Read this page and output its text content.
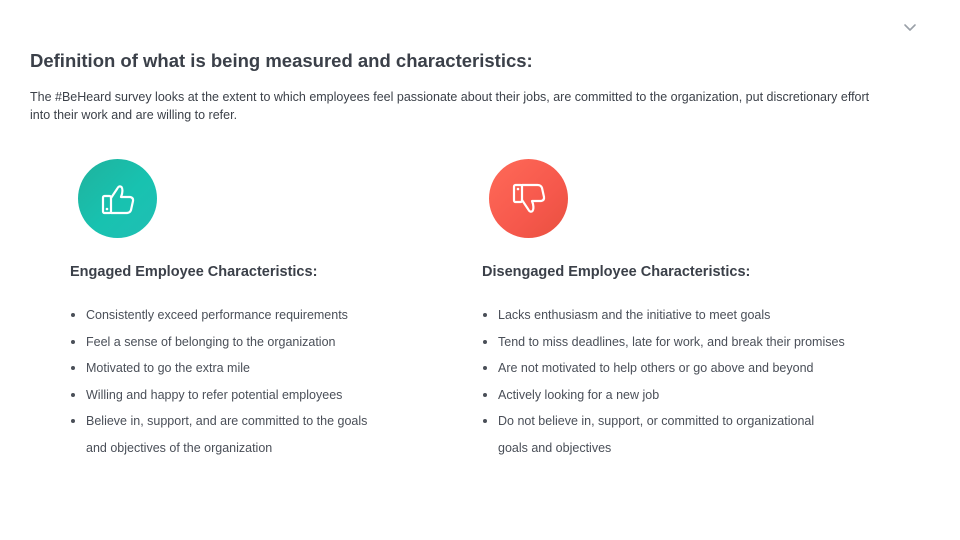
Definition of what is being measured and characteristics:

The #BeHeard survey looks at the extent to which employees feel passionate about their jobs, are committed to the organization, put discretionary effort into their work and are willing to refer.

Engaged Employee Characteristics:
Consistently exceed performance requirements
Feel a sense of belonging to the organization
Motivated to go the extra mile
Willing and happy to refer potential employees
Believe in, support, and are committed to the goals
and objectives of the organization
Disengaged Employee Characteristics:
Lacks enthusiasm and the initiative to meet goals
Tend to miss deadlines, late for work, and break their promises
Are not motivated to help others or go above and beyond
Actively looking for a new job
Do not believe in, support, or committed to organizational
goals and objectives
